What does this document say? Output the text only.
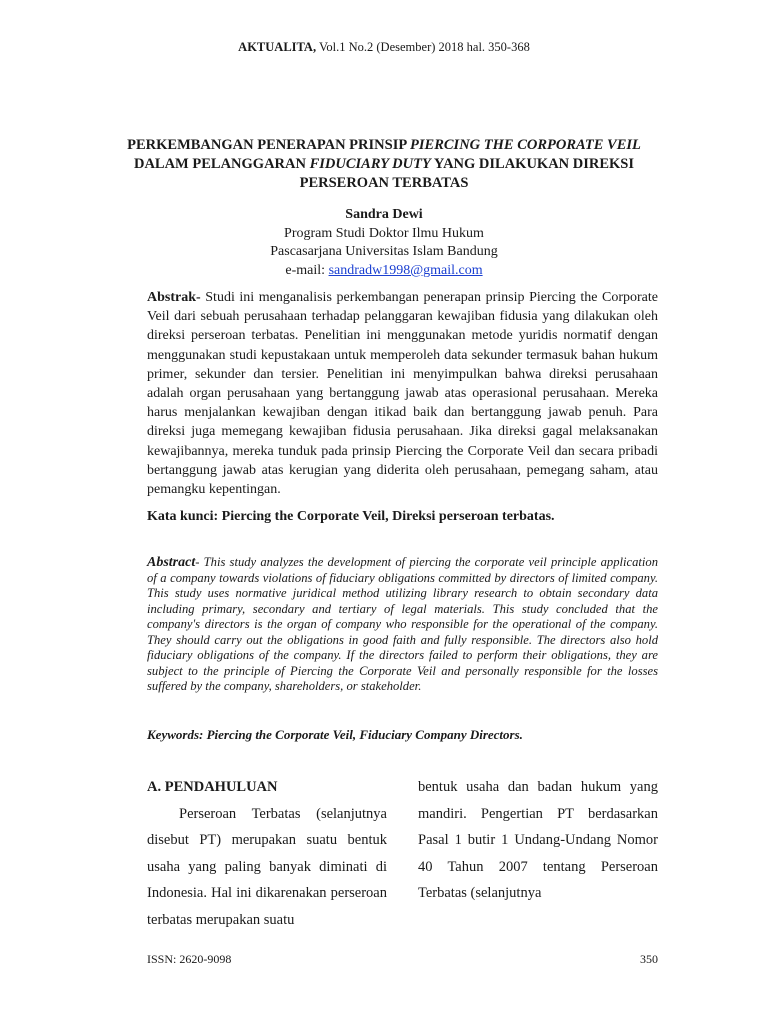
AKTUALITA, Vol.1 No.2 (Desember) 2018 hal. 350-368
PERKEMBANGAN PENERAPAN PRINSIP PIERCING THE CORPORATE VEIL DALAM PELANGGARAN FIDUCIARY DUTY YANG DILAKUKAN DIREKSI PERSEROAN TERBATAS
Sandra Dewi
Program Studi Doktor Ilmu Hukum
Pascasarjana Universitas Islam Bandung
e-mail: sandradw1998@gmail.com

Abstrak- Studi ini menganalisis perkembangan penerapan prinsip Piercing the Corporate Veil dari sebuah perusahaan terhadap pelanggaran kewajiban fidusia yang dilakukan oleh direksi perseroan terbatas. Penelitian ini menggunakan metode yuridis normatif dengan menggunakan studi kepustakaan untuk memperoleh data sekunder termasuk bahan hukum primer, sekunder dan tersier. Penelitian ini menyimpulkan bahwa direksi perusahaan adalah organ perusahaan yang bertanggung jawab atas operasional perusahaan. Mereka harus menjalankan kewajiban dengan itikad baik dan bertanggung jawab penuh. Para direksi juga memegang kewajiban fidusia perusahaan. Jika direksi gagal melaksanakan kewajibannya, mereka tunduk pada prinsip Piercing the Corporate Veil dan secara pribadi bertanggung jawab atas kerugian yang diderita oleh perusahaan, pemegang saham, atau pemangku kepentingan.

Kata kunci: Piercing the Corporate Veil, Direksi perseroan terbatas.

Abstract- This study analyzes the development of piercing the corporate veil principle application of a company towards violations of fiduciary obligations committed by directors of limited company. This study uses normative juridical method utilizing library research to obtain secondary data including primary, secondary and tertiary of legal materials. This study concluded that the company's directors is the organ of company who responsible for the operational of the company. They should carry out the obligations in good faith and fully responsible. The directors also hold fiduciary obligations of the company. If the directors failed to perform their obligations, they are subject to the principle of Piercing the Corporate Veil and personally responsible for the losses suffered by the company, shareholders, or stakeholder.

Keywords: Piercing the Corporate Veil, Fiduciary Company Directors.

A. PENDAHULUAN

Perseroan Terbatas (selanjutnya disebut PT) merupakan suatu bentuk usaha yang paling banyak diminati di Indonesia. Hal ini dikarenakan perseroan terbatas merupakan suatu

bentuk usaha dan badan hukum yang mandiri. Pengertian PT berdasarkan Pasal 1 butir 1 Undang-Undang Nomor 40 Tahun 2007 tentang Perseroan Terbatas (selanjutnya

ISSN: 2620-9098	350
